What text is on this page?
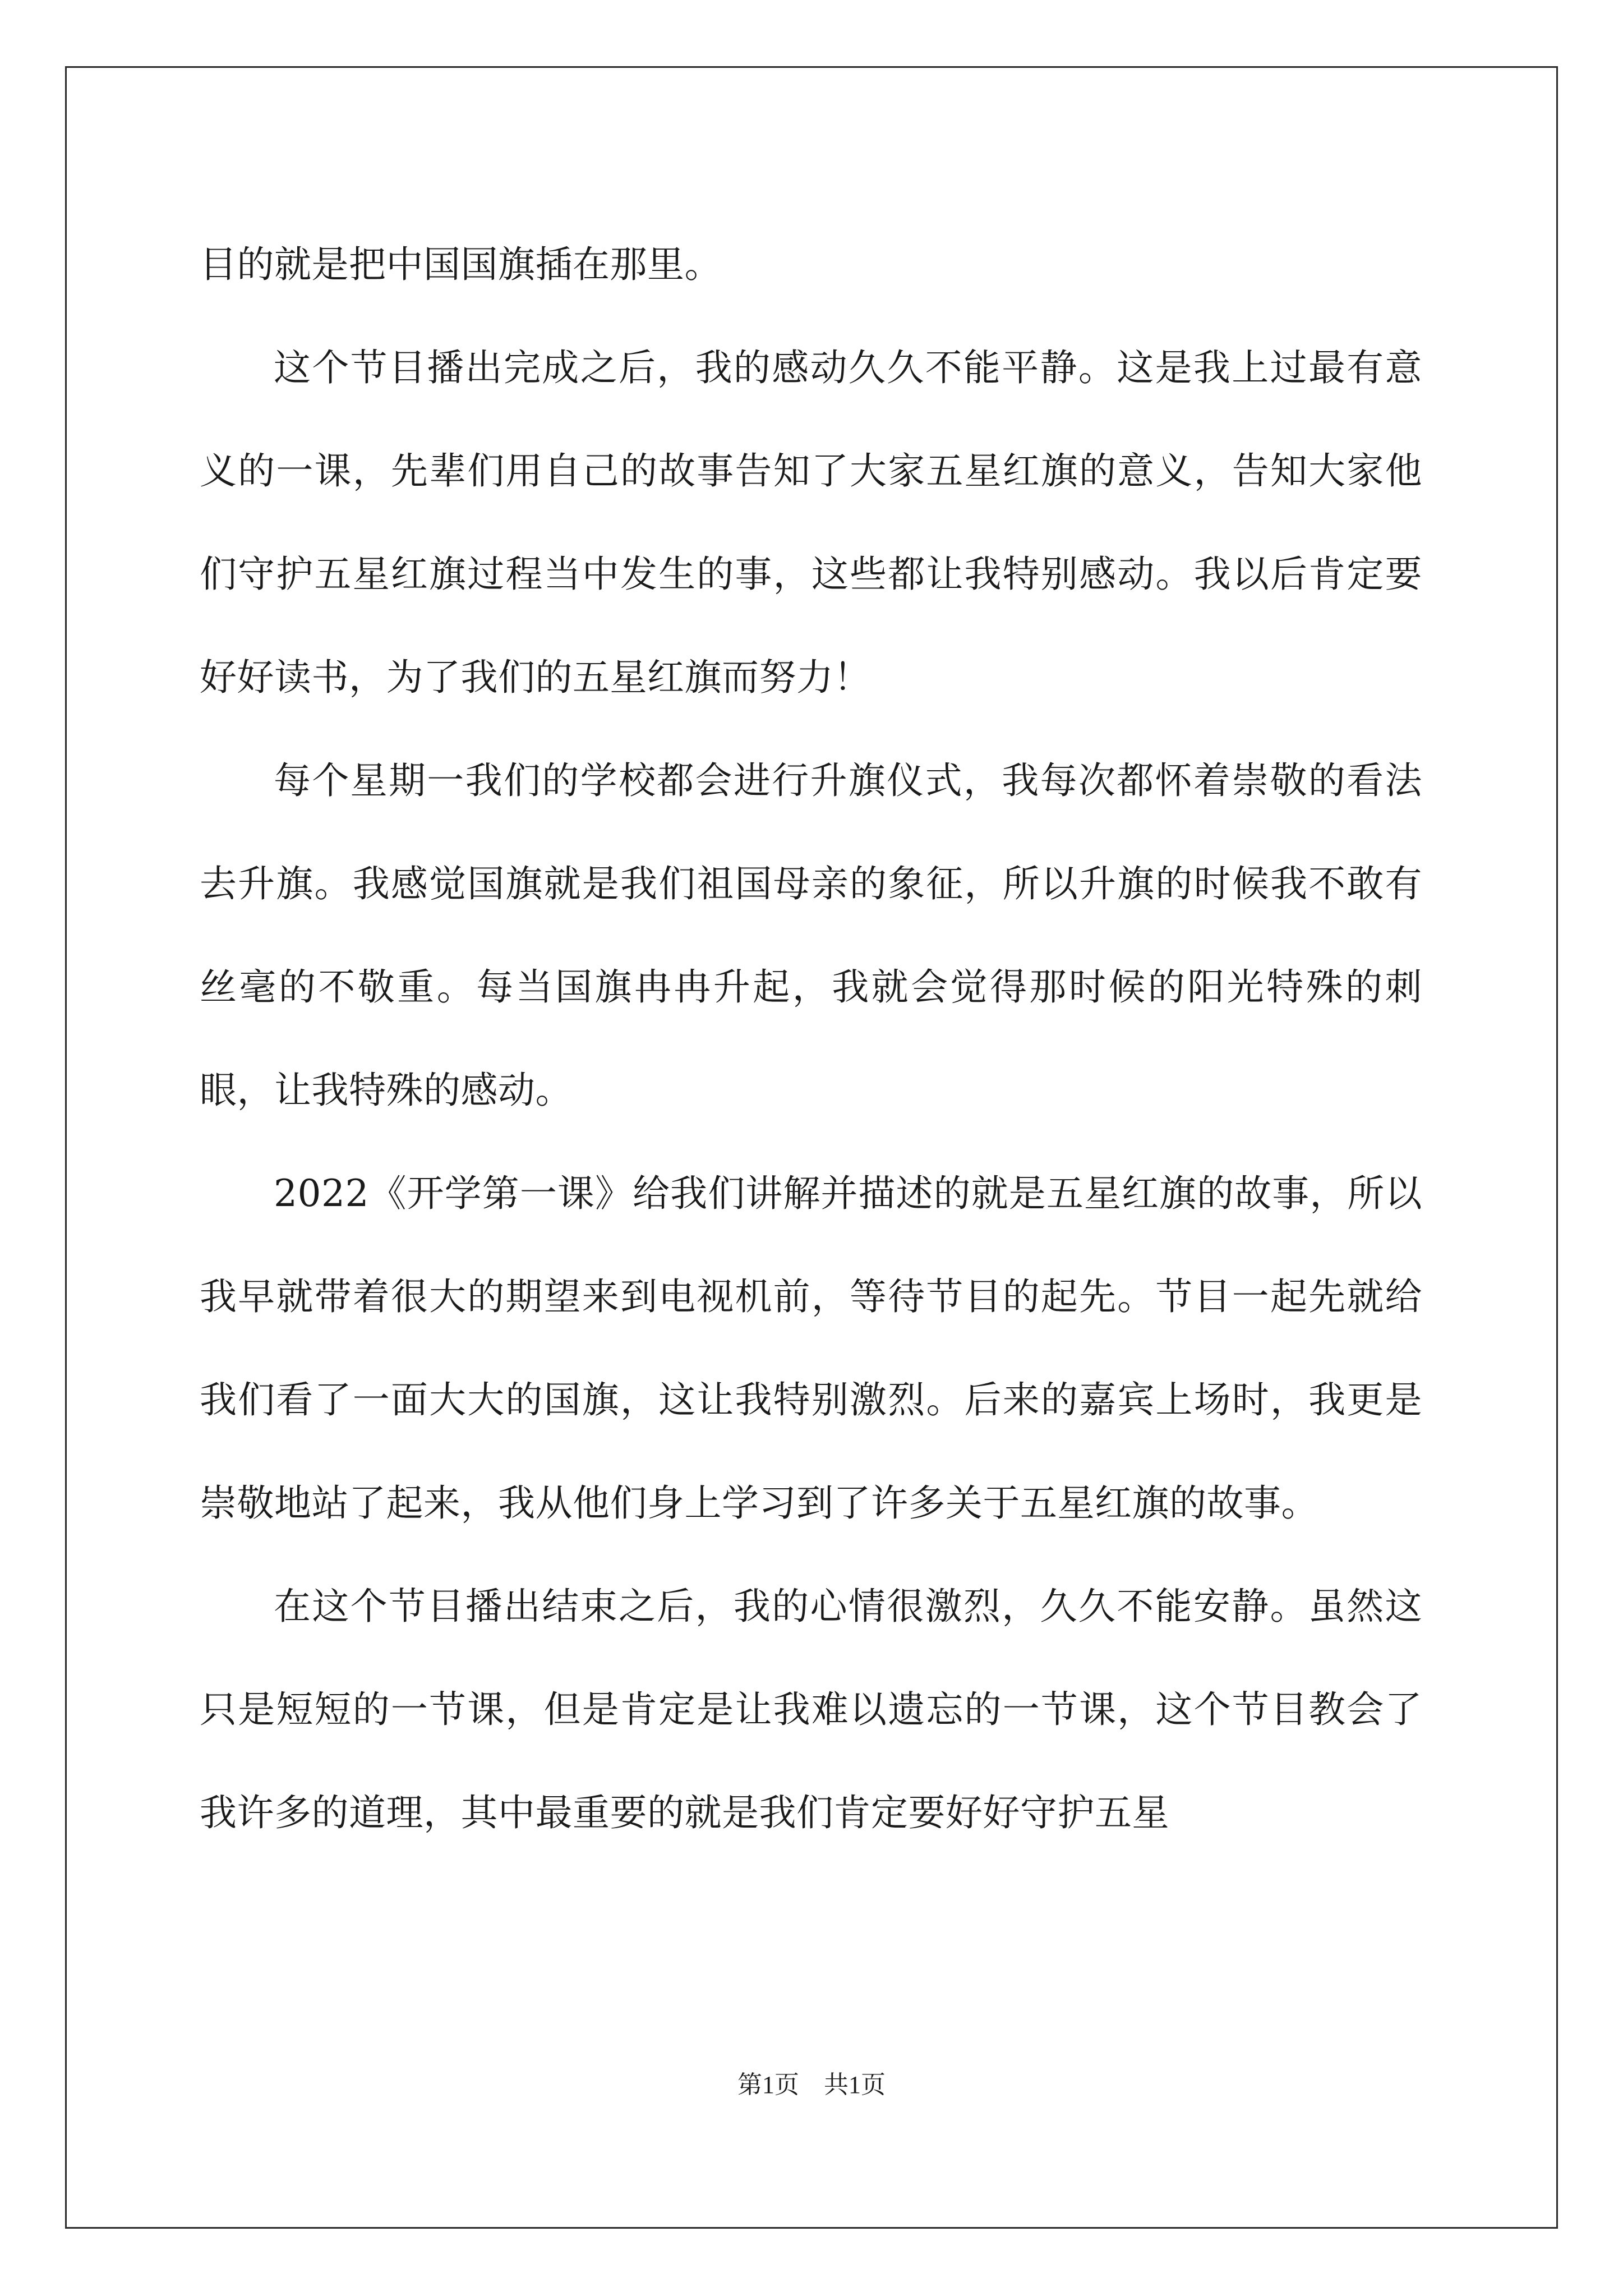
目的就是把中国国旗插在那里。

这个节目播出完成之后，我的感动久久不能平静。这是我上过最有意义的一课，先辈们用自己的故事告知了大家五星红旗的意义，告知大家他们守护五星红旗过程当中发生的事，这些都让我特别感动。我以后肯定要好好读书，为了我们的五星红旗而努力！

每个星期一我们的学校都会进行升旗仪式，我每次都怀着崇敬的看法去升旗。我感觉国旗就是我们祖国母亲的象征，所以升旗的时候我不敢有丝毫的不敬重。每当国旗冉冉升起，我就会觉得那时候的阳光特殊的刺眼，让我特殊的感动。

2022《开学第一课》给我们讲解并描述的就是五星红旗的故事，所以我早就带着很大的期望来到电视机前，等待节目的起先。节目一起先就给我们看了一面大大的国旗，这让我特别激烈。后来的嘉宾上场时，我更是崇敬地站了起来，我从他们身上学习到了许多关于五星红旗的故事。

在这个节目播出结束之后，我的心情很激烈，久久不能安静。虽然这只是短短的一节课，但是肯定是让我难以遗忘的一节课，这个节目教会了我许多的道理，其中最重要的就是我们肯定要好好守护五星

第1页 共1页
